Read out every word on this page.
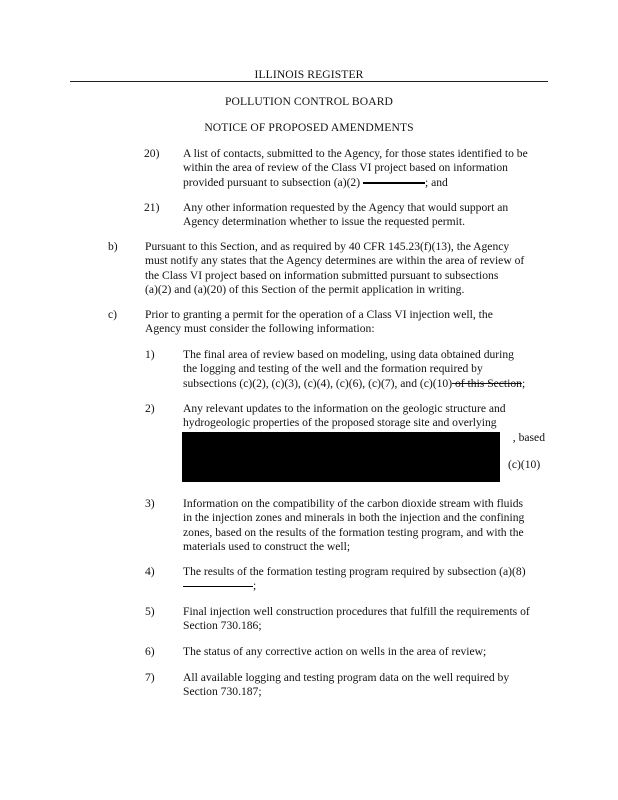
ILLINOIS REGISTER
POLLUTION CONTROL BOARD
NOTICE OF PROPOSED AMENDMENTS
20) A list of contacts, submitted to the Agency, for those states identified to be
within the area of review of the Class VI project based on information
provided pursuant to subsection (a)(2)	; and
21) Any other information requested by the Agency that would support an
Agency determination whether to issue the requested permit.
b) Pursuant to this Section, and as required by 40 CFR 145.23(f)(13), the Agency
must notify any states that the Agency determines are within the area of review of
the Class VI project based on information submitted pursuant to subsections
(a)(2) and (a)(20) of this Section of the permit application in writing.
c) Prior to granting a permit for the operation of a Class VI injection well, the
Agency must consider the following information:
1) The final area of review based on modeling, using data obtained during
the logging and testing of the well and the formation required by
subsections (c)(2), (c)(3), (c)(4), (c)(6), (c)(7), and (c)(10) of this Section;
2) Any relevant updates to the information on the geologic structure and
hydrogeologic properties of the proposed storage site and overlying
, based
(c)(10)
3) Information on the compatibility of the carbon dioxide stream with fluids
in the injection zones and minerals in both the injection and the confining
zones, based on the results of the formation testing program, and with the
materials used to construct the well;
4) The results of the formation testing program required by subsection (a)(8)
;
5) Final injection well construction procedures that fulfill the requirements of
Section 730.186;
6) The status of any corrective action on wells in the area of review;
7) All available logging and testing program data on the well required by
Section 730.187;
